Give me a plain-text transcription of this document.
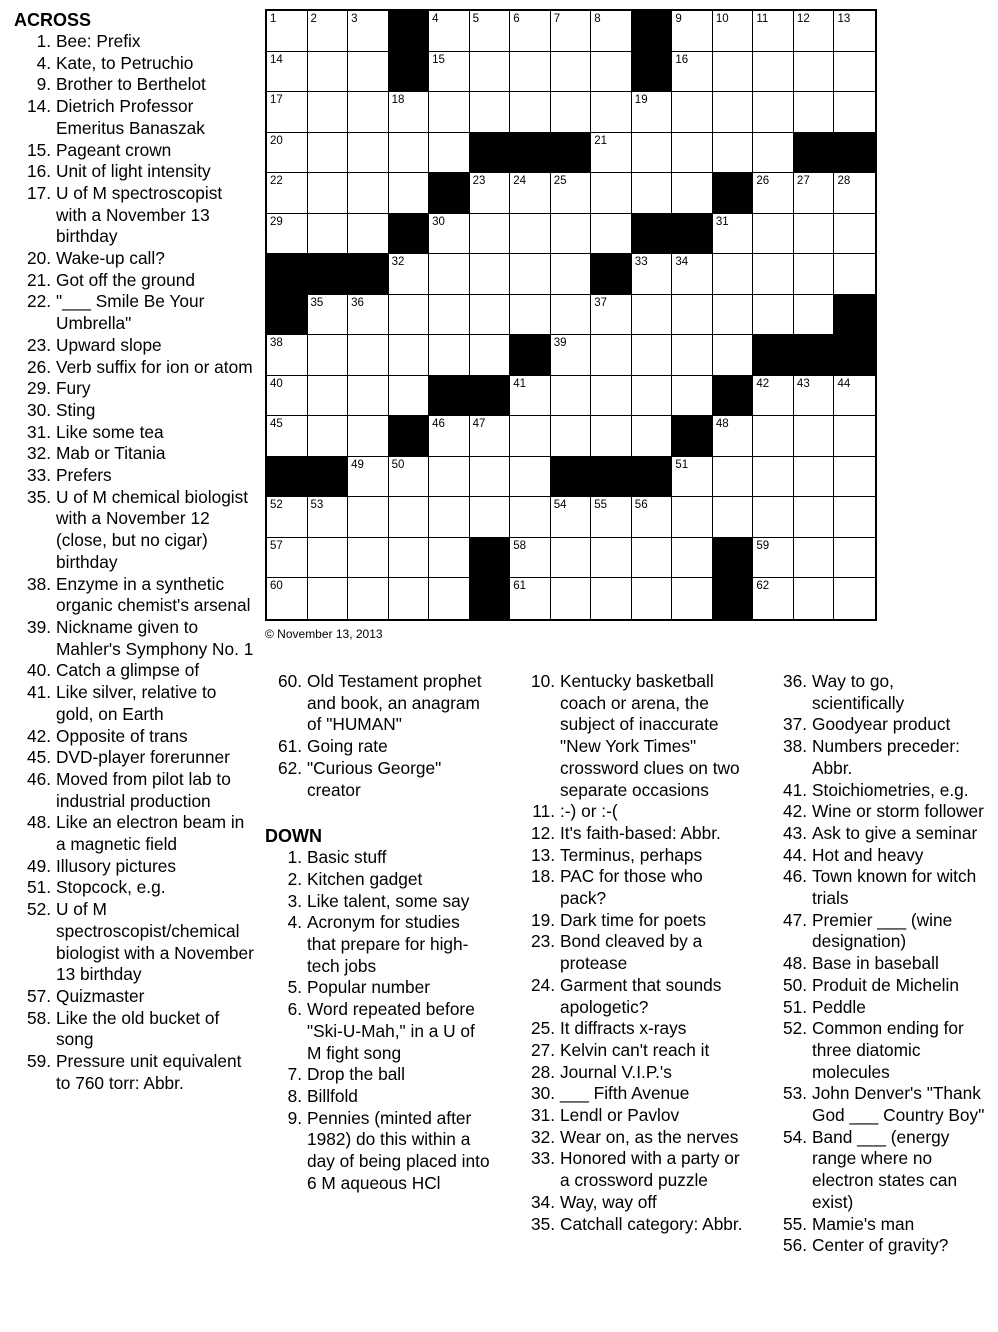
ACROSS
1. Bee: Prefix
4. Kate, to Petruchio
9. Brother to Berthelot
14. Dietrich Professor Emeritus Banaszak
15. Pageant crown
16. Unit of light intensity
17. U of M spectroscopist with a November 13 birthday
20. Wake-up call?
21. Got off the ground
22. "___ Smile Be Your Umbrella"
23. Upward slope
26. Verb suffix for ion or atom
29. Fury
30. Sting
31. Like some tea
32. Mab or Titania
33. Prefers
35. U of M chemical biologist with a November 12 (close, but no cigar) birthday
38. Enzyme in a synthetic organic chemist's arsenal
39. Nickname given to Mahler's Symphony No. 1
40. Catch a glimpse of
41. Like silver, relative to gold, on Earth
42. Opposite of trans
45. DVD-player forerunner
46. Moved from pilot lab to industrial production
48. Like an electron beam in a magnetic field
49. Illusory pictures
51. Stopcock, e.g.
52. U of M spectroscopist/chemical biologist with a November 13 birthday
57. Quizmaster
58. Like the old bucket of song
59. Pressure unit equivalent to 760 torr: Abbr.
1	2	3	4	5	6	7	8	9	10 11 12 13
14	15	16
17	18	19
20	21
22	23 24 25	26 27 28
29	30	31
32	33 34
35 36	37
38	39
40	41	42 43 44
45	46 47	48
49 50	51
52 53	54 55 56
57	58	59
60	61	62
© November 13, 2013
60. Old Testament prophet and book, an anagram of "HUMAN"
61. Going rate
62. "Curious George" creator
DOWN
1. Basic stuff
2. Kitchen gadget
3. Like talent, some say
4. Acronym for studies that prepare for high-tech jobs
5. Popular number
6. Word repeated before "Ski-U-Mah," in a U of M fight song
7. Drop the ball
8. Billfold
9. Pennies (minted after 1982) do this within a day of being placed into 6 M aqueous HCl
10. Kentucky basketball coach or arena, the subject of inaccurate "New York Times" crossword clues on two separate occasions
11. :-) or :-(
12. It's faith-based: Abbr.
13. Terminus, perhaps
18. PAC for those who pack?
19. Dark time for poets
23. Bond cleaved by a protease
24. Garment that sounds apologetic?
25. It diffracts x-rays
27. Kelvin can't reach it
28. Journal V.I.P.'s
30. ___ Fifth Avenue
31. Lendl or Pavlov
32. Wear on, as the nerves
33. Honored with a party or a crossword puzzle
34. Way, way off
35. Catchall category: Abbr.
36. Way to go, scientifically
37. Goodyear product
38. Numbers preceder: Abbr.
41. Stoichiometries, e.g.
42. Wine or storm follower
43. Ask to give a seminar
44. Hot and heavy
46. Town known for witch trials
47. Premier ___ (wine designation)
48. Base in baseball
50. Produit de Michelin
51. Peddle
52. Common ending for three diatomic molecules
53. John Denver's "Thank God ___ Country Boy"
54. Band ___ (energy range where no electron states can exist)
55. Mamie's man
56. Center of gravity?
